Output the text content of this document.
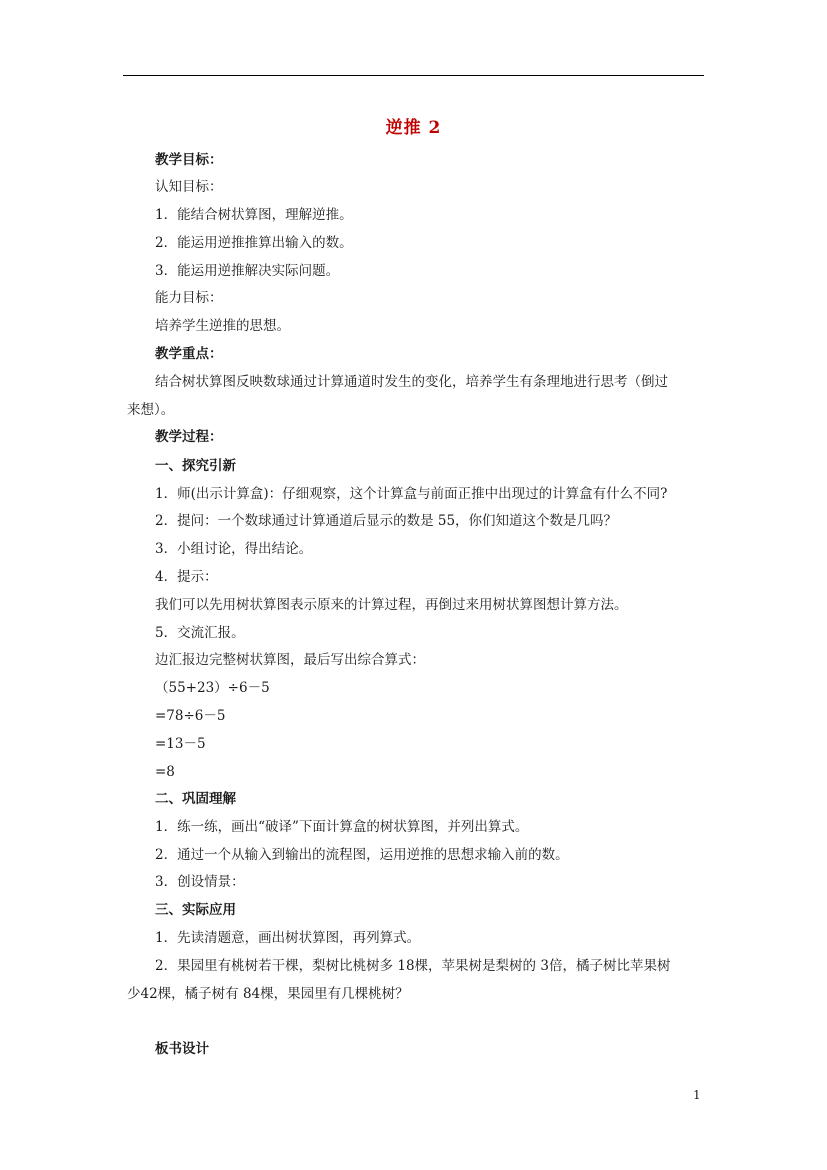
逆推 2
教学目标：
认知目标：
1．能结合树状算图，理解逆推。
2．能运用逆推推算出输入的数。
3．能运用逆推解决实际问题。
能力目标：
培养学生逆推的思想。
教学重点：
结合树状算图反映数球通过计算通道时发生的变化，培养学生有条理地进行思考（倒过
来想）。
教学过程：
一、探究引新
1．师(出示计算盒)：仔细观察，这个计算盒与前面正推中出现过的计算盒有什么不同?
2．提问：一个数球通过计算通道后显示的数是 55，你们知道这个数是几吗？
3．小组讨论，得出结论。
4．提示：
我们可以先用树状算图表示原来的计算过程，再倒过来用树状算图想计算方法。
5．交流汇报。
边汇报边完整树状算图，最后写出综合算式：
（55+23）÷6－5
=78÷6－5
=13－5
=8
二、巩固理解
1．练一练，画出“破译”下面计算盒的树状算图，并列出算式。
2．通过一个从输入到输出的流程图，运用逆推的思想求输入前的数。
3．创设情景：
三、实际应用
1．先读清题意，画出树状算图，再列算式。
2．果园里有桃树若干棵，梨树比桃树多 18棵，苹果树是梨树的 3倍，橘子树比苹果树
少42棵，橘子树有 84棵，果园里有几棵桃树？
板书设计
1
